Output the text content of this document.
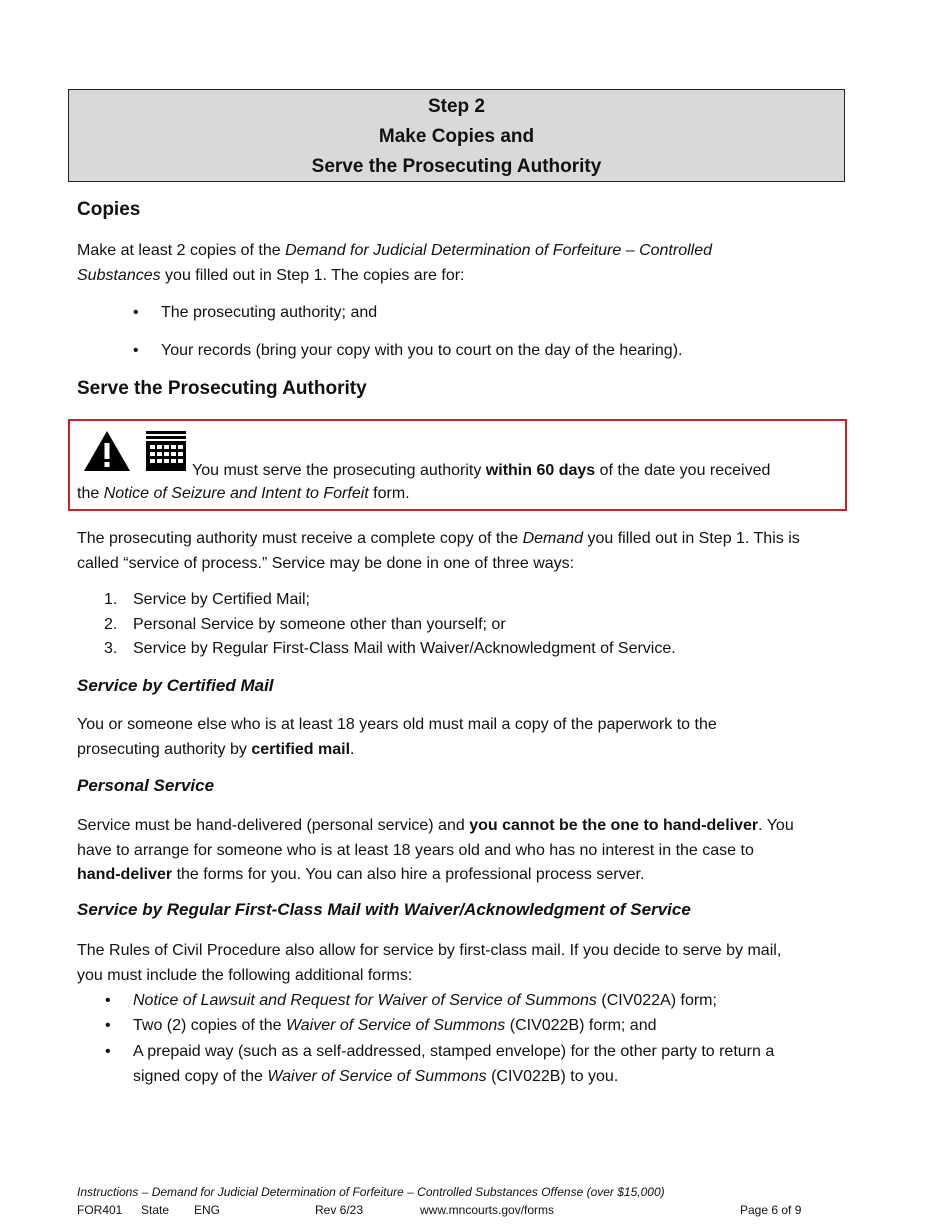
Step 2
Make Copies and
Serve the Prosecuting Authority
Copies
Make at least 2 copies of the Demand for Judicial Determination of Forfeiture – Controlled
Substances you filled out in Step 1. The copies are for:
• The prosecuting authority; and
• Your records (bring your copy with you to court on the day of the hearing).
Serve the Prosecuting Authority
You must serve the prosecuting authority within 60 days of the date you received
the Notice of Seizure and Intent to Forfeit form.
The prosecuting authority must receive a complete copy of the Demand you filled out in Step 1. This is
called “service of process.” Service may be done in one of three ways:
1. Service by Certified Mail;
2. Personal Service by someone other than yourself; or
3. Service by Regular First-Class Mail with Waiver/Acknowledgment of Service.
Service by Certified Mail
You or someone else who is at least 18 years old must mail a copy of the paperwork to the
prosecuting authority by certified mail.
Personal Service
Service must be hand-delivered (personal service) and you cannot be the one to hand-deliver. You
have to arrange for someone who is at least 18 years old and who has no interest in the case to
hand-deliver the forms for you. You can also hire a professional process server.
Service by Regular First-Class Mail with Waiver/Acknowledgment of Service
The Rules of Civil Procedure also allow for service by first-class mail. If you decide to serve by mail,
you must include the following additional forms:
• Notice of Lawsuit and Request for Waiver of Service of Summons (CIV022A) form;
• Two (2) copies of the Waiver of Service of Summons (CIV022B) form; and
• A prepaid way (such as a self-addressed, stamped envelope) for the other party to return a
signed copy of the Waiver of Service of Summons (CIV022B) to you.
Instructions – Demand for Judicial Determination of Forfeiture – Controlled Substances Offense (over $15,000)
FOR401 State ENG	Rev 6/23	www.mncourts.gov/forms	Page 6 of 9
